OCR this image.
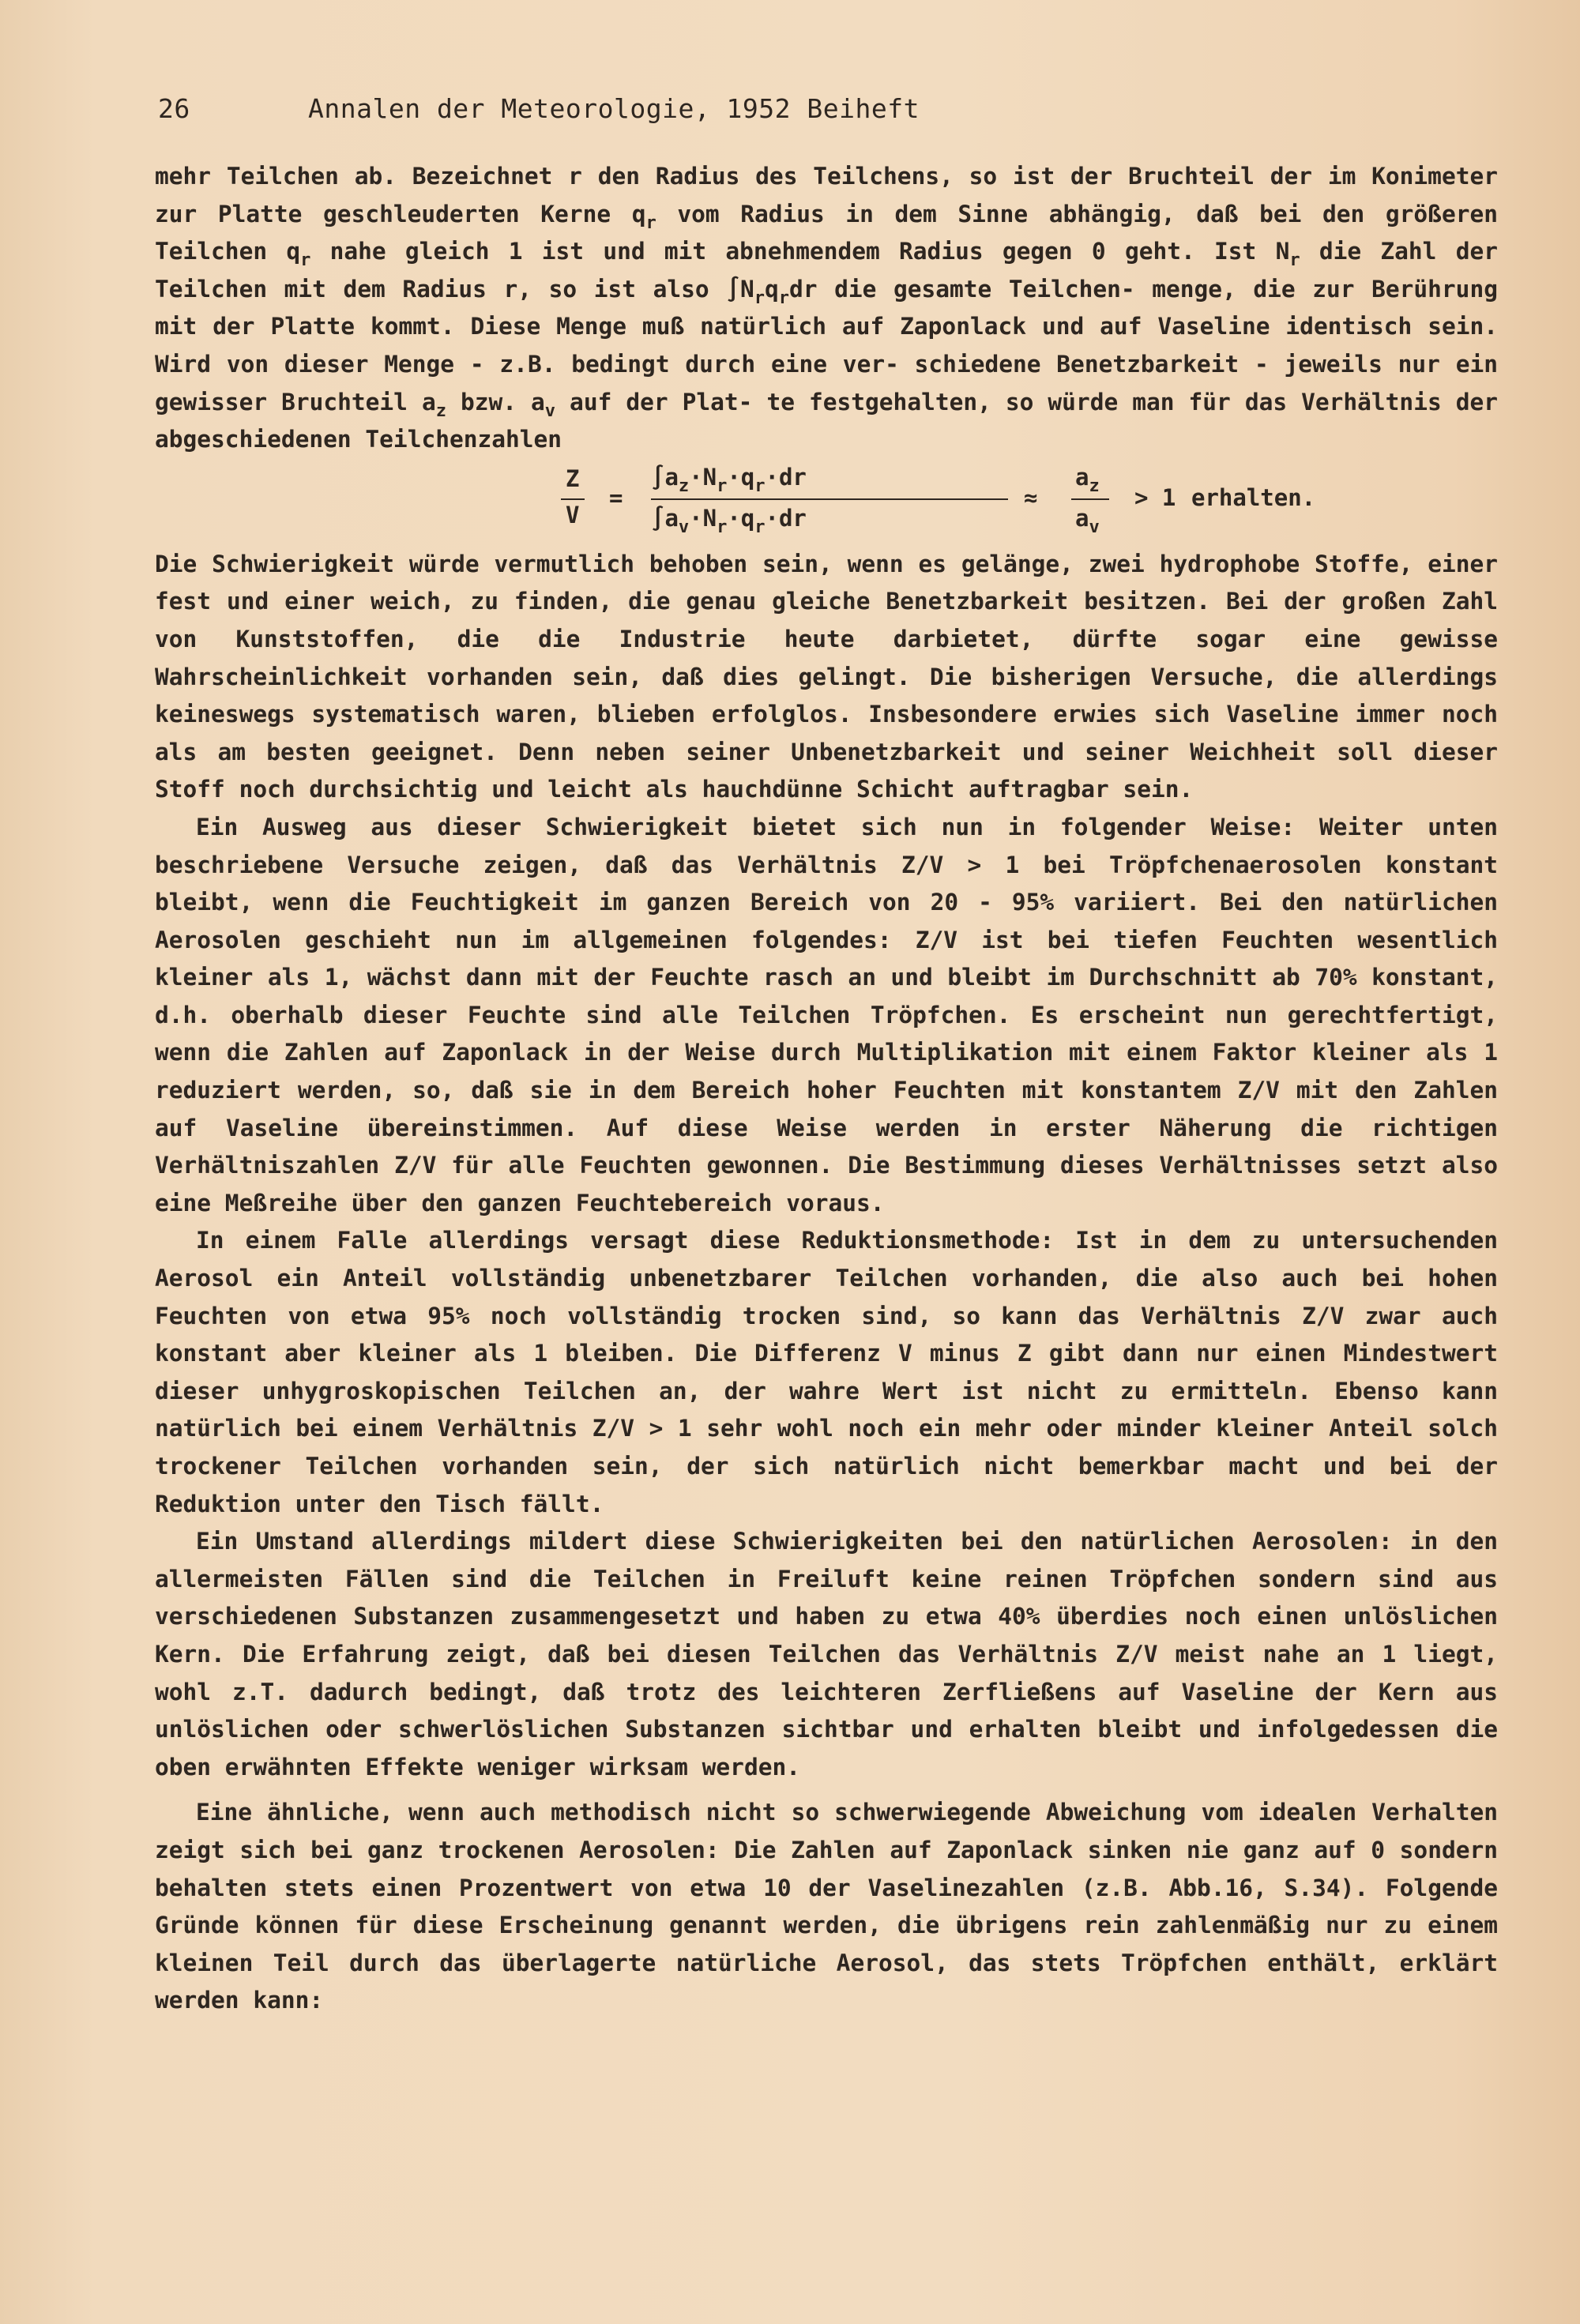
26	Annalen der Meteorologie, 1952 Beiheft

mehr Teilchen ab. Bezeichnet r den Radius des Teilchens, so ist der Bruchteil der im Konimeter zur Platte geschleuderten Kerne $q_r$ vom Radius in dem Sinne abhängig, daß bei den größeren Teilchen $q_r$ nahe gleich 1 ist und mit abnehmendem Radius gegen 0 geht. Ist $N_r$ die Zahl der Teilchen mit dem Radius r, so ist also $\int N_rq_rdr$ die gesamte Teilchen- menge, die zur Berührung mit der Platte kommt. Diese Menge muß natürlich auf Zaponlack und auf Vaseline identisch sein. Wird von dieser Menge - z.B. bedingt durch eine ver- schiedene Benetzbarkeit - jeweils nur ein gewisser Bruchteil $a_z$ bzw. $a_v$ auf der Plat- te festgehalten, so würde man für das Verhältnis der abgeschiedenen Teilchenzahlen

Z
V
=
$\int a_z\cdot N_r\cdot q_r\cdot dr$
$\int a_v\cdot N_r\cdot q_r\cdot dr$
≈
$a_z$
$a_v$
> 1 erhalten.

Die Schwierigkeit würde vermutlich behoben sein, wenn es gelänge, zwei hydrophobe Stoffe, einer fest und einer weich, zu finden, die genau gleiche Benetzbarkeit besitzen. Bei der großen Zahl von Kunststoffen, die die Industrie heute darbietet, dürfte sogar eine gewisse Wahrscheinlichkeit vorhanden sein, daß dies gelingt. Die bisherigen Versuche, die allerdings keineswegs systematisch waren, blieben erfolglos. Insbesondere erwies sich Vaseline immer noch als am besten geeignet. Denn neben seiner Unbenetzbarkeit und seiner Weichheit soll dieser Stoff noch durchsichtig und leicht als hauchdünne Schicht auftragbar sein.

Ein Ausweg aus dieser Schwierigkeit bietet sich nun in folgender Weise: Weiter unten beschriebene Versuche zeigen, daß das Verhältnis Z/V > 1 bei Tröpfchenaerosolen konstant bleibt, wenn die Feuchtigkeit im ganzen Bereich von 20 - 95% variiert. Bei den natürlichen Aerosolen geschieht nun im allgemeinen folgendes: Z/V ist bei tiefen Feuchten wesentlich kleiner als 1, wächst dann mit der Feuchte rasch an und bleibt im Durchschnitt ab 70% konstant, d.h. oberhalb dieser Feuchte sind alle Teilchen Tröpfchen. Es erscheint nun gerechtfertigt, wenn die Zahlen auf Zaponlack in der Weise durch Multiplikation mit einem Faktor kleiner als 1 reduziert werden, so, daß sie in dem Bereich hoher Feuchten mit konstantem Z/V mit den Zahlen auf Vaseline übereinstimmen. Auf diese Weise werden in erster Näherung die richtigen Verhältniszahlen Z/V für alle Feuchten gewonnen. Die Bestimmung dieses Verhältnisses setzt also eine Meßreihe über den ganzen Feuchtebereich voraus.

In einem Falle allerdings versagt diese Reduktionsmethode: Ist in dem zu untersuchenden Aerosol ein Anteil vollständig unbenetzbarer Teilchen vorhanden, die also auch bei hohen Feuchten von etwa 95% noch vollständig trocken sind, so kann das Verhältnis Z/V zwar auch konstant aber kleiner als 1 bleiben. Die Differenz V minus Z gibt dann nur einen Mindestwert dieser unhygroskopischen Teilchen an, der wahre Wert ist nicht zu ermitteln. Ebenso kann natürlich bei einem Verhältnis Z/V > 1 sehr wohl noch ein mehr oder minder kleiner Anteil solch trockener Teilchen vorhanden sein, der sich natürlich nicht bemerkbar macht und bei der Reduktion unter den Tisch fällt.

Ein Umstand allerdings mildert diese Schwierigkeiten bei den natürlichen Aerosolen: in den allermeisten Fällen sind die Teilchen in Freiluft keine reinen Tröpfchen sondern sind aus verschiedenen Substanzen zusammengesetzt und haben zu etwa 40% überdies noch einen unlöslichen Kern. Die Erfahrung zeigt, daß bei diesen Teilchen das Verhältnis Z/V meist nahe an 1 liegt, wohl z.T. dadurch bedingt, daß trotz des leichteren Zerfließens auf Vaseline der Kern aus unlöslichen oder schwerlöslichen Substanzen sichtbar und erhalten bleibt und infolgedessen die oben erwähnten Effekte weniger wirksam werden.

Eine ähnliche, wenn auch methodisch nicht so schwerwiegende Abweichung vom idealen Verhalten zeigt sich bei ganz trockenen Aerosolen: Die Zahlen auf Zaponlack sinken nie ganz auf 0 sondern behalten stets einen Prozentwert von etwa 10 der Vaselinezahlen (z.B. Abb.16, S.34). Folgende Gründe können für diese Erscheinung genannt werden, die übrigens rein zahlenmäßig nur zu einem kleinen Teil durch das überlagerte natürliche Aerosol, das stets Tröpfchen enthält, erklärt werden kann:
